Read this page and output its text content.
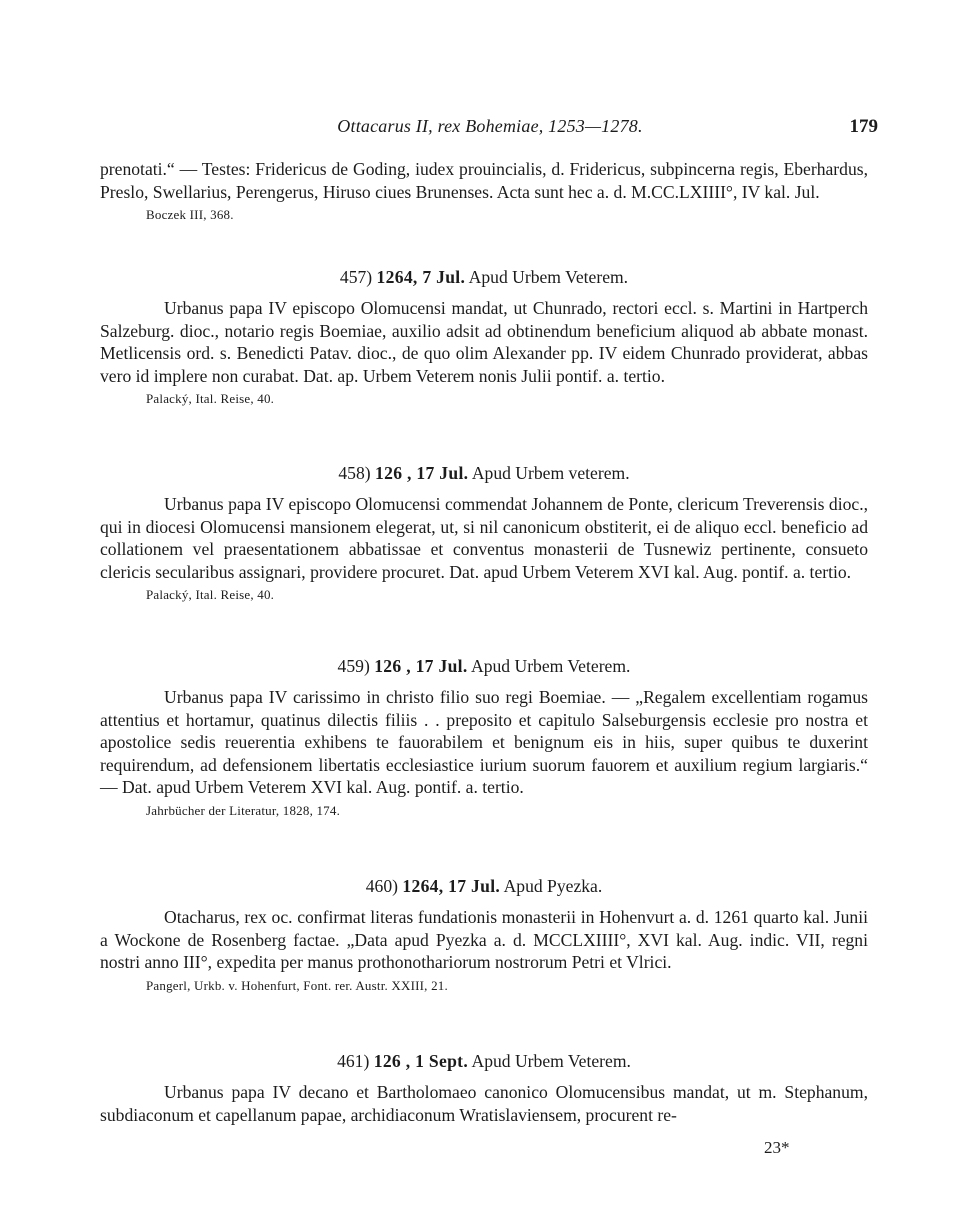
Ottacarus II, rex Bohemiae, 1253—1278.	179

prenotati.“ — Testes: Fridericus de Goding, iudex prouincialis, d. Fridericus, subpincerna regis, Eberhardus, Preslo, Swellarius, Perengerus, Hiruso ciues Brunenses. Acta sunt hec a. d. M.CC.LXIIII°, IV kal. Jul.

Boczek III, 368.

457) 1264, 7 Jul. Apud Urbem Veterem.

Urbanus papa IV episcopo Olomucensi mandat, ut Chunrado, rectori eccl. s. Martini in Hartperch Salzeburg. dioc., notario regis Boemiae, auxilio adsit ad obtinendum beneficium aliquod ab abbate monast. Metlicensis ord. s. Benedicti Patav. dioc., de quo olim Alexander pp. IV eidem Chunrado providerat, abbas vero id implere non curabat. Dat. ap. Urbem Veterem nonis Julii pontif. a. tertio.

Palacký, Ital. Reise, 40.

458) 126 , 17 Jul. Apud Urbem veterem.

Urbanus papa IV episcopo Olomucensi commendat Johannem de Ponte, clericum Treverensis dioc., qui in diocesi Olomucensi mansionem elegerat, ut, si nil canonicum obstiterit, ei de aliquo eccl. beneficio ad collationem vel praesentationem abbatissae et conventus monasterii de Tusnewiz pertinente, consueto clericis secularibus assignari, providere procuret. Dat. apud Urbem Veterem XVI kal. Aug. pontif. a. tertio.

Palacký, Ital. Reise, 40.

459) 126 , 17 Jul. Apud Urbem Veterem.

Urbanus papa IV carissimo in christo filio suo regi Boemiae. — „Regalem excellentiam rogamus attentius et hortamur, quatinus dilectis filiis . . preposito et capitulo Salseburgensis ecclesie pro nostra et apostolice sedis reuerentia exhibens te fauorabilem et benignum eis in hiis, super quibus te duxerint requirendum, ad defensionem libertatis ecclesiastice iurium suorum fauorem et auxilium regium largiaris.“ — Dat. apud Urbem Veterem XVI kal. Aug. pontif. a. tertio.

Jahrbücher der Literatur, 1828, 174.

460) 1264, 17 Jul. Apud Pyezka.

Otacharus, rex oc. confirmat literas fundationis monasterii in Hohenvurt a. d. 1261 quarto kal. Junii a Wockone de Rosenberg factae. „Data apud Pyezka a. d. MCCLXIIII°, XVI kal. Aug. indic. VII, regni nostri anno III°, expedita per manus prothonothariorum nostrorum Petri et Vlrici.

Pangerl, Urkb. v. Hohenfurt, Font. rer. Austr. XXIII, 21.

461) 126 , 1 Sept. Apud Urbem Veterem.

Urbanus papa IV decano et Bartholomaeo canonico Olomucensibus mandat, ut m. Stephanum, subdiaconum et capellanum papae, archidiaconum Wratislaviensem, procurent re-

23*
